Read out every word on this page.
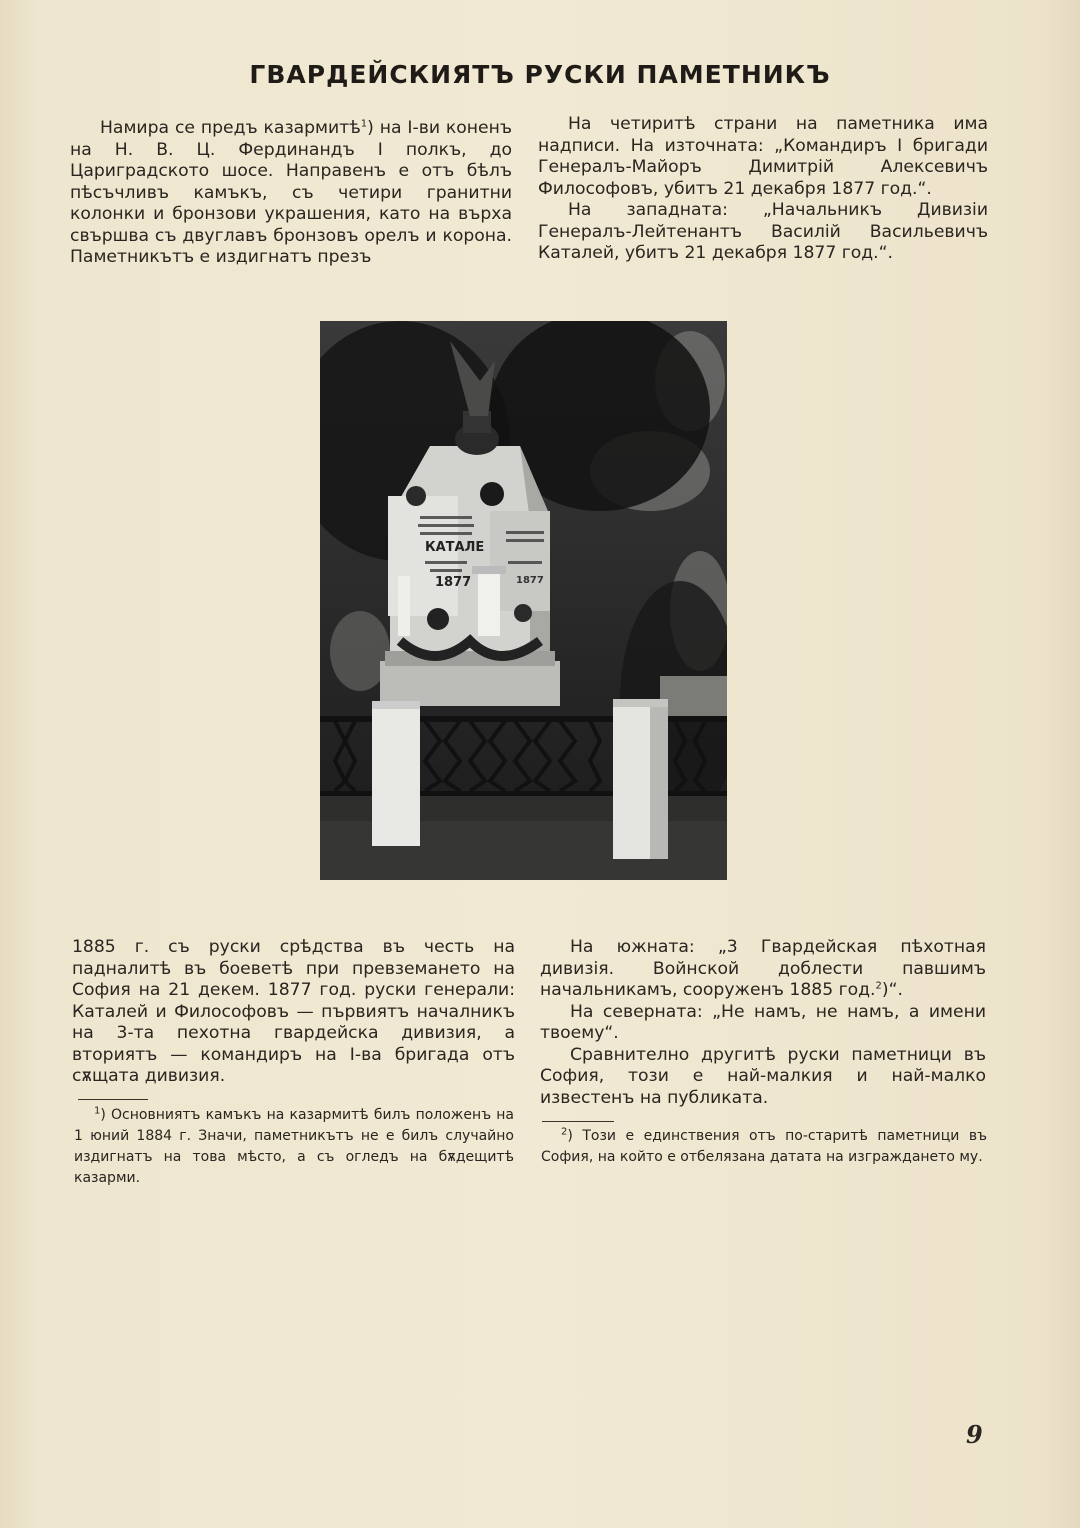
ГВАРДЕЙСКИЯТЪ РУСКИ ПАМЕТНИКЪ

Намира се предъ казармитѣ$^1$) на I-ви коненъ на Н. В. Ц. Фердинандъ I полкъ, до Цариградското шосе. Направенъ е отъ бѣлъ пѣсъчливъ камъкъ, съ четири гранитни колонки и бронзови украшения, като на върха свършва съ двуглавъ бронзовъ орелъ и корона. Паметникътъ е издигнатъ презъ

На четиритѣ страни на паметника има надписи. На източната: „Командиръ I бригади Генералъ-Майоръ Димитрій Алексевичъ Философовъ, убитъ 21 декабря 1877 год.“.

На западната: „Начальникъ Дивизіи Генералъ-Лейтенантъ Василій Васильевичъ Каталей, убитъ 21 декабря 1877 год.“.

КАТАЛЕ
1877	1877

1885 г. съ руски срѣдства въ честь на падналитѣ въ боеветѣ при превземането на София на 21 декем. 1877 год. руски генерали: Каталей и Философовъ — първиятъ началникъ на 3-та пехотна гвардейска дивизия, а вториятъ — командиръ на I-ва бригада отъ сѫщата дивизия.

На южната: „3 Гвардейская пѣхотная дивизія. Войнской доблести павшимъ начальникамъ, сооруженъ 1885 год.$^2$)“.

На северната: „Не намъ, не намъ, а имени твоему“.

Сравнително другитѣ руски паметници въ София, този е най-малкия и най-малко известенъ на публиката.

$^1$) Основниятъ камъкъ на казармитѣ билъ положенъ на 1 юний 1884 г. Значи, паметникътъ не е билъ случайно издигнатъ на това мѣсто, а съ огледъ на бѫдещитѣ казарми.

$^2$) Този е единствения отъ по-старитѣ паметници въ София, на който е отбелязана датата на изграждането му.

9
